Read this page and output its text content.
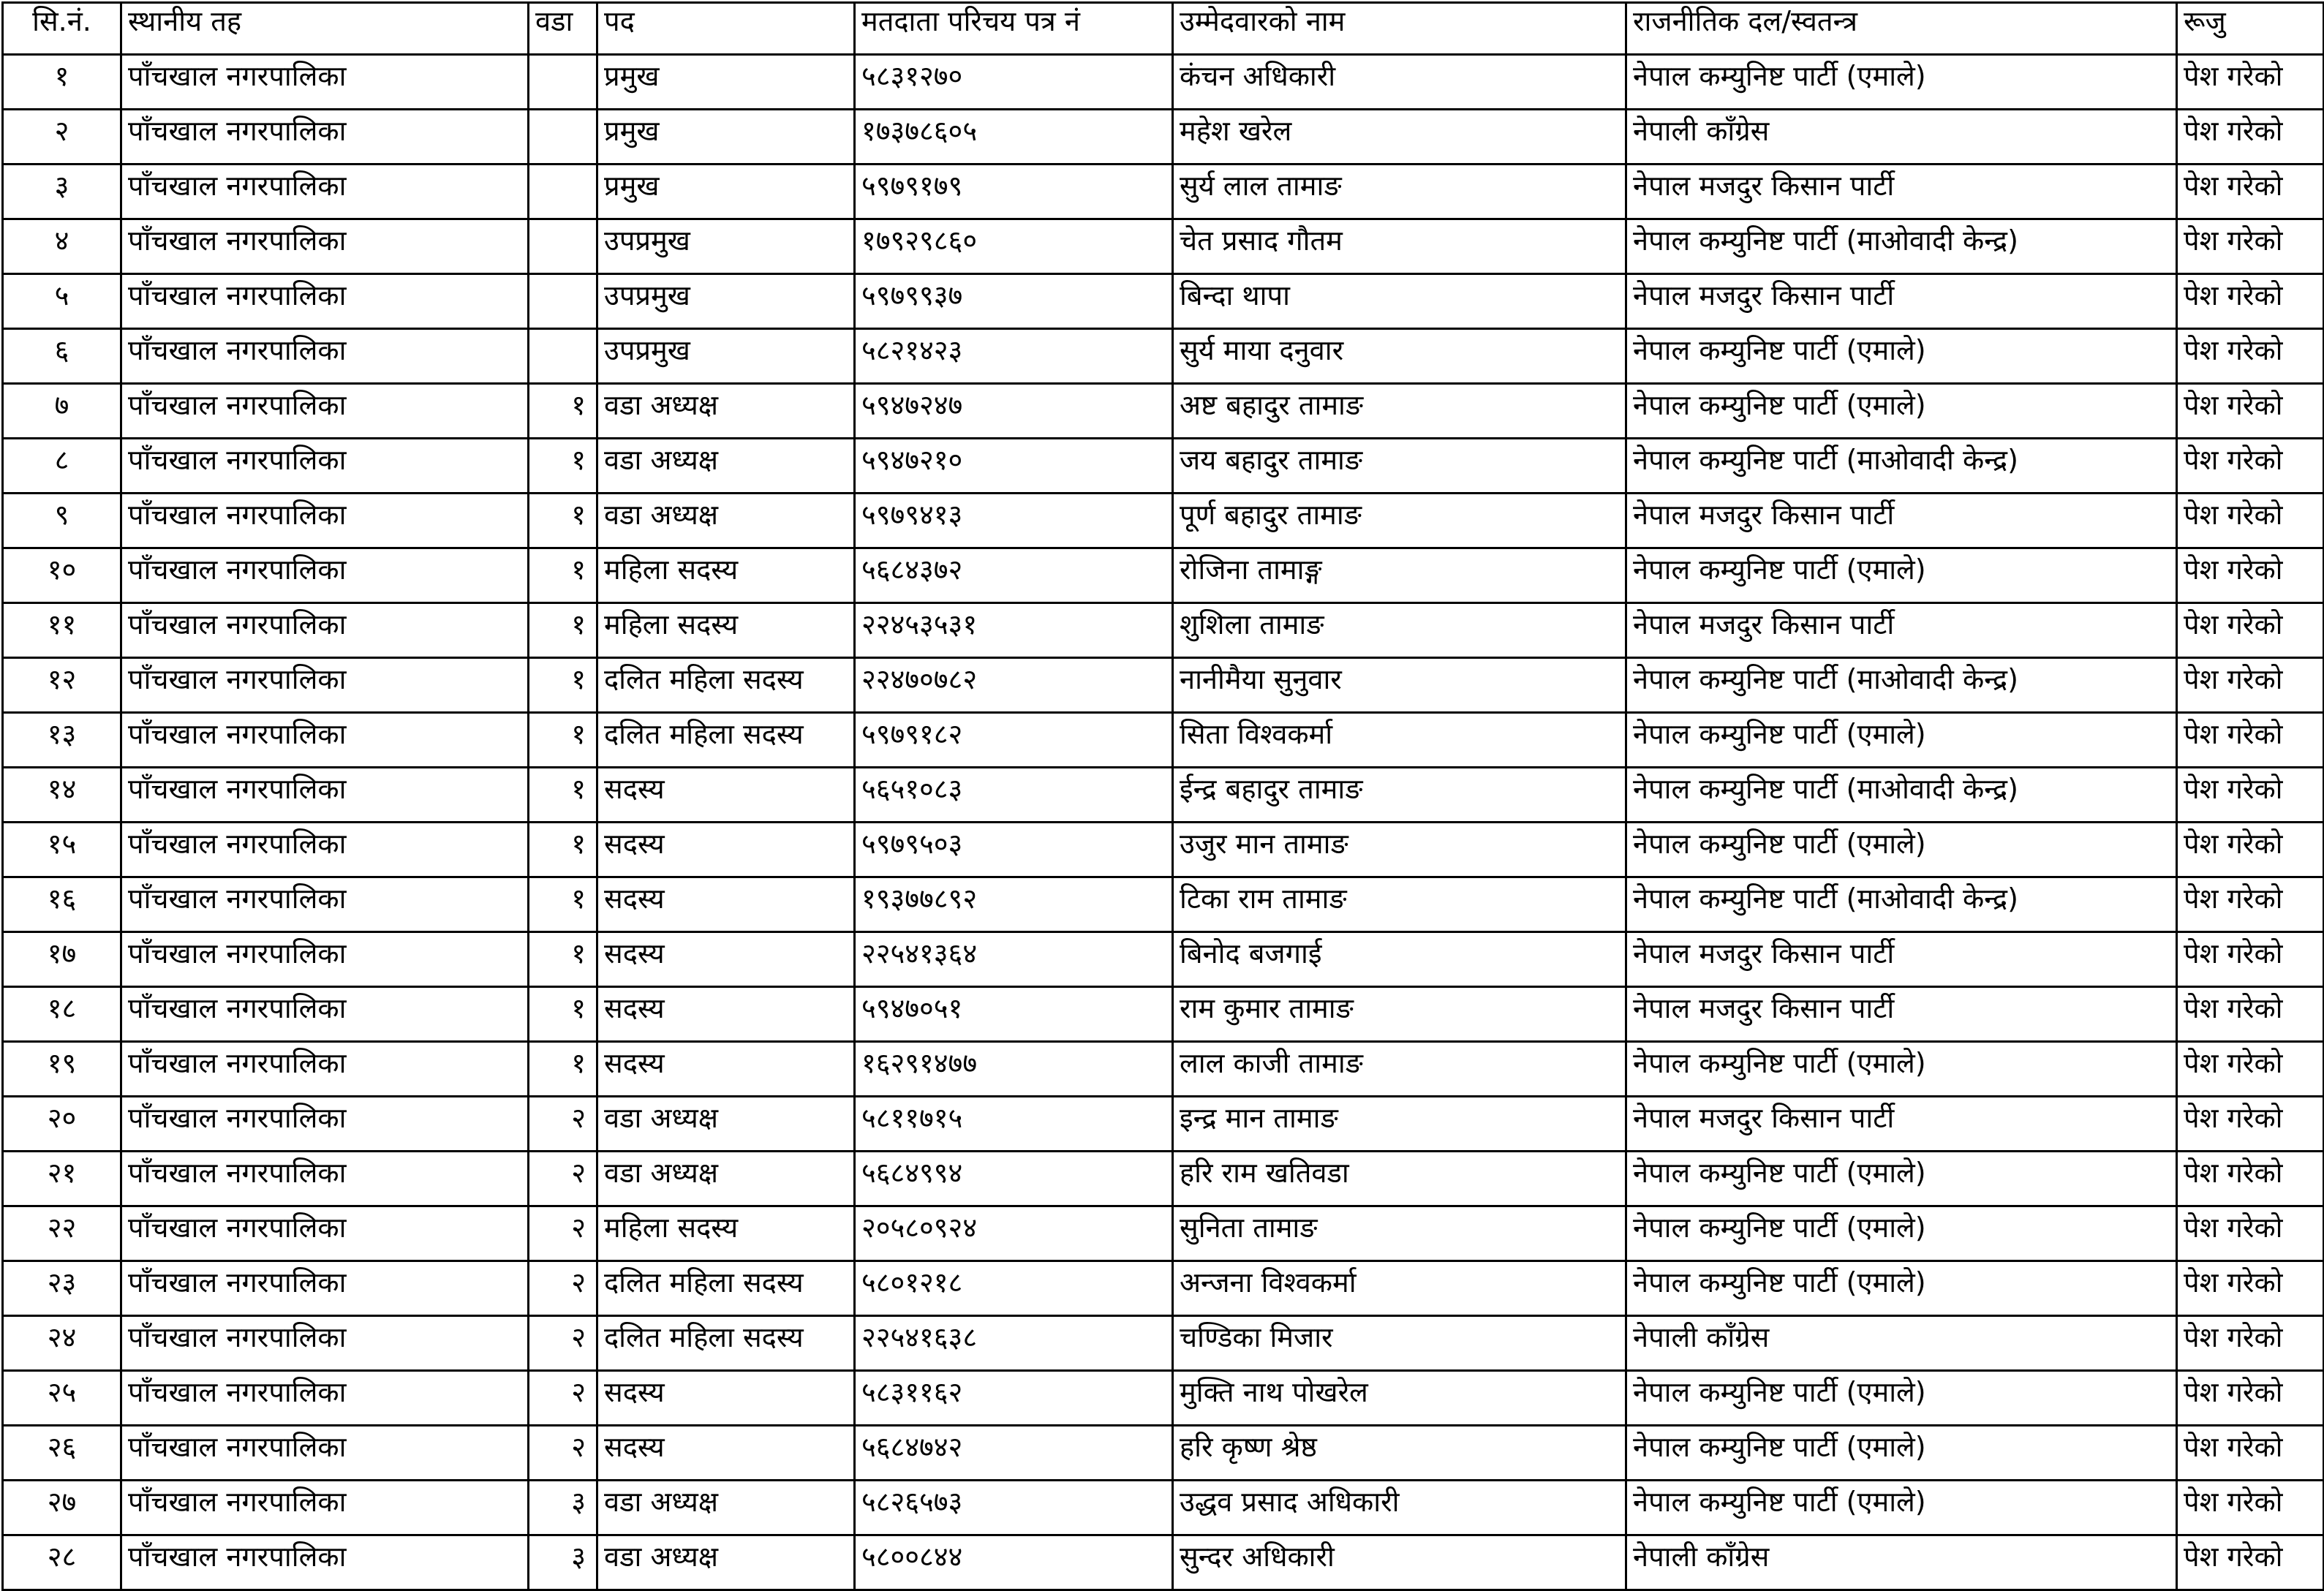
सि.नं.	स्थानीय तह	वडा	पद	मतदाता परिचय पत्र नं	उम्मेदवारको नाम	राजनीतिक दल/स्वतन्त्र	रूजु
१	पाँचखाल नगरपालिका		प्रमुख	५८३१२७०	कंचन अधिकारी	नेपाल कम्युनिष्ट पार्टी (एमाले)	पेश गरेको
२	पाँचखाल नगरपालिका		प्रमुख	१७३७८६०५	महेश खरेल	नेपाली काँग्रेस	पेश गरेको
३	पाँचखाल नगरपालिका		प्रमुख	५९७९१७९	सुर्य लाल तामाङ	नेपाल मजदुर किसान पार्टी	पेश गरेको
४	पाँचखाल नगरपालिका		उपप्रमुख	१७९२९८६०	चेत प्रसाद गौतम	नेपाल कम्युनिष्ट पार्टी (माओवादी केन्द्र)	पेश गरेको
५	पाँचखाल नगरपालिका		उपप्रमुख	५९७९९३७	बिन्दा थापा	नेपाल मजदुर किसान पार्टी	पेश गरेको
६	पाँचखाल नगरपालिका		उपप्रमुख	५८२१४२३	सुर्य माया दनुवार	नेपाल कम्युनिष्ट पार्टी (एमाले)	पेश गरेको
७	पाँचखाल नगरपालिका	१	वडा अध्यक्ष	५९४७२४७	अष्ट बहादुर तामाङ	नेपाल कम्युनिष्ट पार्टी (एमाले)	पेश गरेको
८	पाँचखाल नगरपालिका	१	वडा अध्यक्ष	५९४७२१०	जय बहादुर तामाङ	नेपाल कम्युनिष्ट पार्टी (माओवादी केन्द्र)	पेश गरेको
९	पाँचखाल नगरपालिका	१	वडा अध्यक्ष	५९७९४१३	पूर्ण बहादुर तामाङ	नेपाल मजदुर किसान पार्टी	पेश गरेको
१०	पाँचखाल नगरपालिका	१	महिला सदस्य	५६८४३७२	रोजिना तामाङ्ग	नेपाल कम्युनिष्ट पार्टी (एमाले)	पेश गरेको
११	पाँचखाल नगरपालिका	१	महिला सदस्य	२२४५३५३१	शुशिला तामाङ	नेपाल मजदुर किसान पार्टी	पेश गरेको
१२	पाँचखाल नगरपालिका	१	दलित महिला सदस्य	२२४७०७८२	नानीमैया सुनुवार	नेपाल कम्युनिष्ट पार्टी (माओवादी केन्द्र)	पेश गरेको
१३	पाँचखाल नगरपालिका	१	दलित महिला सदस्य	५९७९१८२	सिता विश्वकर्मा	नेपाल कम्युनिष्ट पार्टी (एमाले)	पेश गरेको
१४	पाँचखाल नगरपालिका	१	सदस्य	५६५१०८३	ईन्द्र बहादुर तामाङ	नेपाल कम्युनिष्ट पार्टी (माओवादी केन्द्र)	पेश गरेको
१५	पाँचखाल नगरपालिका	१	सदस्य	५९७९५०३	उजुर मान तामाङ	नेपाल कम्युनिष्ट पार्टी (एमाले)	पेश गरेको
१६	पाँचखाल नगरपालिका	१	सदस्य	१९३७७८९२	टिका राम तामाङ	नेपाल कम्युनिष्ट पार्टी (माओवादी केन्द्र)	पेश गरेको
१७	पाँचखाल नगरपालिका	१	सदस्य	२२५४१३६४	बिनोद बजगाई	नेपाल मजदुर किसान पार्टी	पेश गरेको
१८	पाँचखाल नगरपालिका	१	सदस्य	५९४७०५१	राम कुमार तामाङ	नेपाल मजदुर किसान पार्टी	पेश गरेको
१९	पाँचखाल नगरपालिका	१	सदस्य	१६२९१४७७	लाल काजी तामाङ	नेपाल कम्युनिष्ट पार्टी (एमाले)	पेश गरेको
२०	पाँचखाल नगरपालिका	२	वडा अध्यक्ष	५८११७१५	इन्द्र मान तामाङ	नेपाल मजदुर किसान पार्टी	पेश गरेको
२१	पाँचखाल नगरपालिका	२	वडा अध्यक्ष	५६८४९९४	हरि राम खतिवडा	नेपाल कम्युनिष्ट पार्टी (एमाले)	पेश गरेको
२२	पाँचखाल नगरपालिका	२	महिला सदस्य	२०५८०९२४	सुनिता तामाङ	नेपाल कम्युनिष्ट पार्टी (एमाले)	पेश गरेको
२३	पाँचखाल नगरपालिका	२	दलित महिला सदस्य	५८०१२१८	अन्जना विश्वकर्मा	नेपाल कम्युनिष्ट पार्टी (एमाले)	पेश गरेको
२४	पाँचखाल नगरपालिका	२	दलित महिला सदस्य	२२५४१६३८	चण्डिका मिजार	नेपाली काँग्रेस	पेश गरेको
२५	पाँचखाल नगरपालिका	२	सदस्य	५८३११६२	मुक्ति नाथ पोखरेल	नेपाल कम्युनिष्ट पार्टी (एमाले)	पेश गरेको
२६	पाँचखाल नगरपालिका	२	सदस्य	५६८४७४२	हरि कृष्ण श्रेष्ठ	नेपाल कम्युनिष्ट पार्टी (एमाले)	पेश गरेको
२७	पाँचखाल नगरपालिका	३	वडा अध्यक्ष	५८२६५७३	उद्धव प्रसाद अधिकारी	नेपाल कम्युनिष्ट पार्टी (एमाले)	पेश गरेको
२८	पाँचखाल नगरपालिका	३	वडा अध्यक्ष	५८००८४४	सुन्दर अधिकारी	नेपाली काँग्रेस	पेश गरेको
